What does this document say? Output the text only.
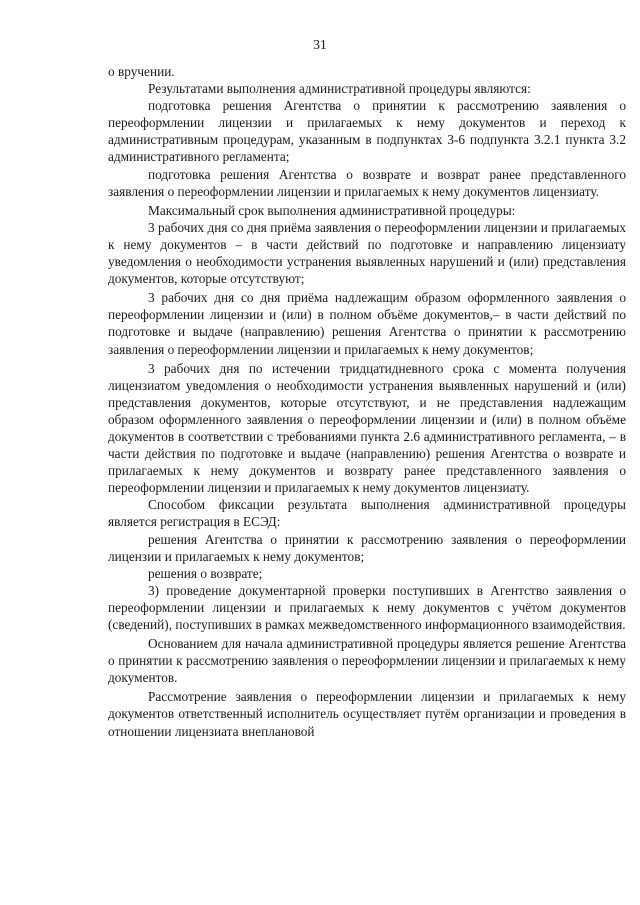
31

о вручении.

Результатами выполнения административной процедуры являются:

подготовка решения Агентства о принятии к рассмотрению заявления о переоформлении лицензии и прилагаемых к нему документов и переход к административным процедурам, указанным в подпунктах 3-6 подпункта 3.2.1 пункта 3.2 административного регламента;

подготовка решения Агентства о возврате и возврат ранее представленного заявления о переоформлении лицензии и прилагаемых к нему документов лицензиату.

Максимальный срок выполнения административной процедуры:

3 рабочих дня со дня приёма заявления о переоформлении лицензии и прилагаемых к нему документов – в части действий по подготовке и направлению лицензиату уведомления о необходимости устранения выявленных нарушений и (или) представления документов, которые отсутствуют;

3 рабочих дня со дня приёма надлежащим образом оформленного заявления о переоформлении лицензии и (или) в полном объёме документов,– в части действий по подготовке и выдаче (направлению) решения Агентства о принятии к рассмотрению заявления о переоформлении лицензии и прилагаемых к нему документов;

3 рабочих дня по истечении тридцатидневного срока с момента получения лицензиатом уведомления о необходимости устранения выявленных нарушений и (или) представления документов, которые отсутствуют, и не представления надлежащим образом оформленного заявления о переоформлении лицензии и (или) в полном объёме документов в соответствии с требованиями пункта 2.6 административного регламента, – в части действия по подготовке и выдаче (направлению) решения Агентства о возврате и прилагаемых к нему документов и возврату ранее представленного заявления о переоформлении лицензии и прилагаемых к нему документов лицензиату.

Способом фиксации результата выполнения административной процедуры является регистрация в ЕСЭД:

решения Агентства о принятии к рассмотрению заявления о переоформлении лицензии и прилагаемых к нему документов;

решения о возврате;

3) проведение документарной проверки поступивших в Агентство заявления о переоформлении лицензии и прилагаемых к нему документов с учётом документов (сведений), поступивших в рамках межведомственного информационного взаимодействия.

Основанием для начала административной процедуры является решение Агентства о принятии к рассмотрению заявления о переоформлении лицензии и прилагаемых к нему документов.

Рассмотрение заявления о переоформлении лицензии и прилагаемых к нему документов ответственный исполнитель осуществляет путём организации и проведения в отношении лицензиата внеплановой
